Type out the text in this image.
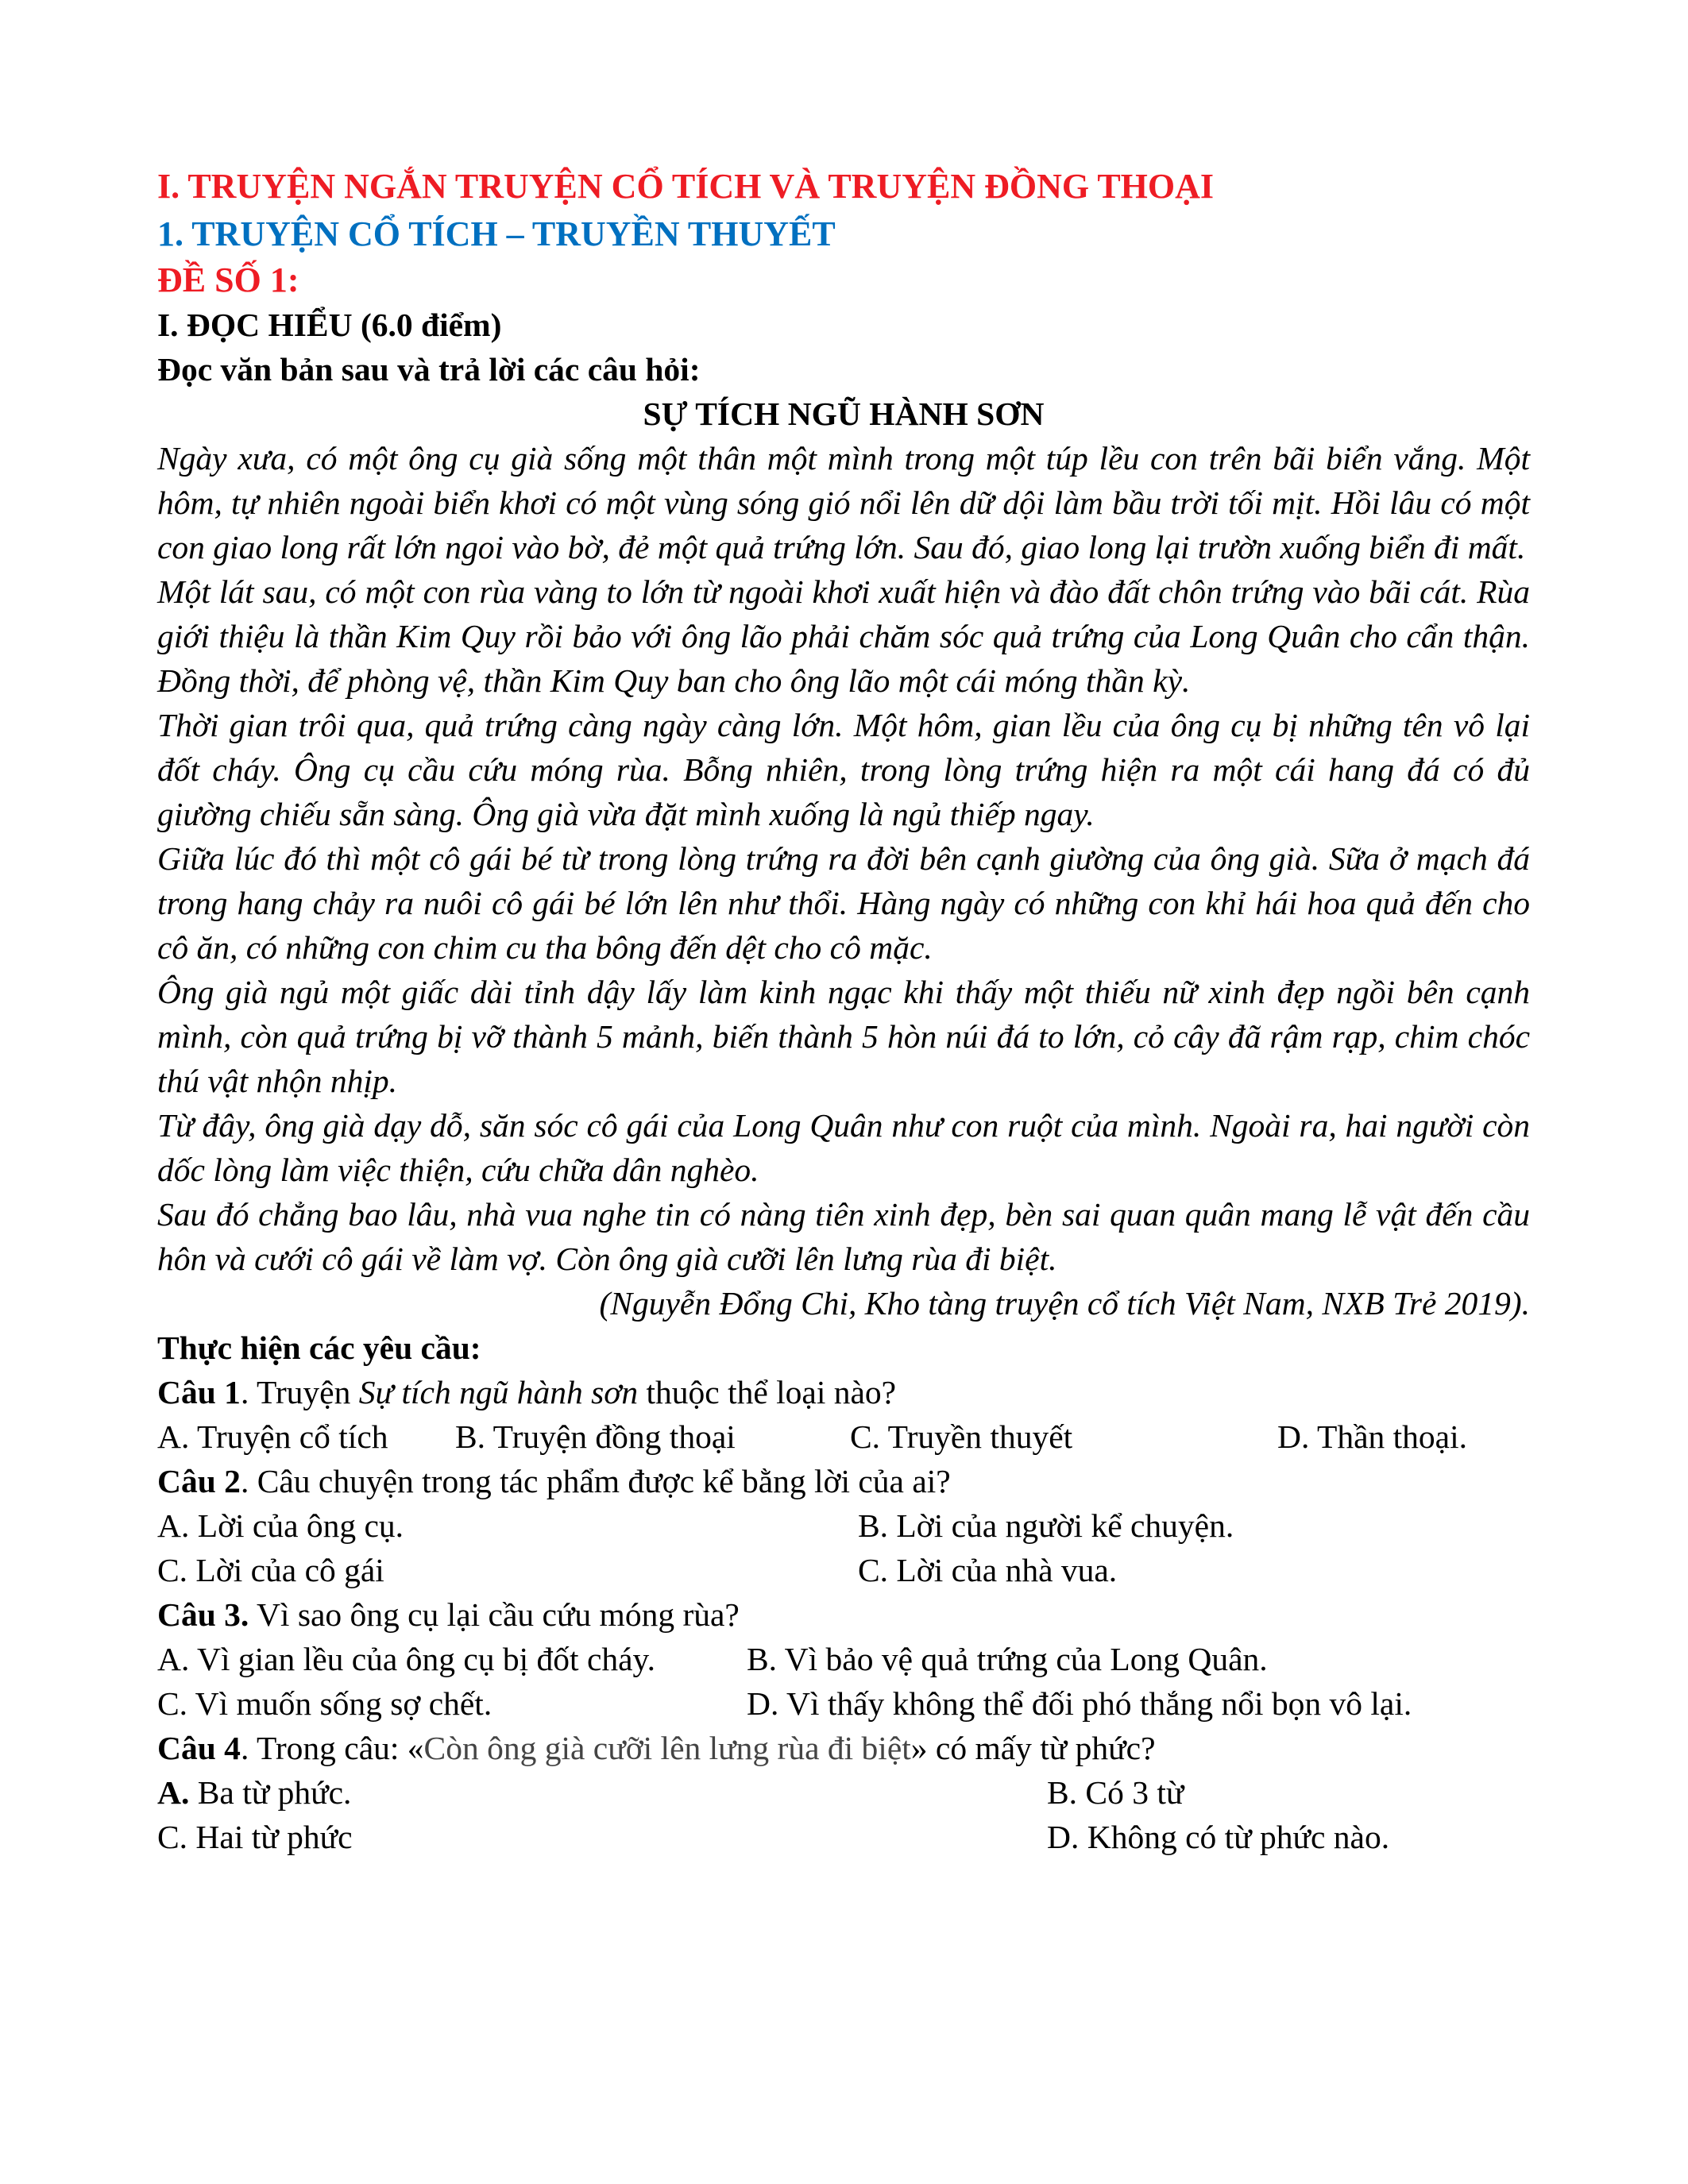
I. TRUYỆN NGẮN TRUYỆN CỔ TÍCH VÀ TRUYỆN ĐỒNG THOẠI
1. TRUYỆN CỔ TÍCH – TRUYỀN THUYẾT
ĐỀ SỐ 1:
I. ĐỌC HIỂU (6.0 điểm)
Đọc văn bản sau và trả lời các câu hỏi:
SỰ TÍCH NGŨ HÀNH SƠN

Ngày xưa, có một ông cụ già sống một thân một mình trong một túp lều con trên bãi biển vắng. Một hôm, tự nhiên ngoài biển khơi có một vùng sóng gió nổi lên dữ dội làm bầu trời tối mịt. Hồi lâu có một con giao long rất lớn ngoi vào bờ, đẻ một quả trứng lớn. Sau đó, giao long lại trườn xuống biển đi mất.

Một lát sau, có một con rùa vàng to lớn từ ngoài khơi xuất hiện và đào đất chôn trứng vào bãi cát. Rùa giới thiệu là thần Kim Quy rồi bảo với ông lão phải chăm sóc quả trứng của Long Quân cho cẩn thận. Đồng thời, để phòng vệ, thần Kim Quy ban cho ông lão một cái móng thần kỳ.

Thời gian trôi qua, quả trứng càng ngày càng lớn. Một hôm, gian lều của ông cụ bị những tên vô lại đốt cháy. Ông cụ cầu cứu móng rùa. Bỗng nhiên, trong lòng trứng hiện ra một cái hang đá có đủ giường chiếu sẵn sàng. Ông già vừa đặt mình xuống là ngủ thiếp ngay.

Giữa lúc đó thì một cô gái bé từ trong lòng trứng ra đời bên cạnh giường của ông già. Sữa ở mạch đá trong hang chảy ra nuôi cô gái bé lớn lên như thổi. Hàng ngày có những con khỉ hái hoa quả đến cho cô ăn, có những con chim cu tha bông đến dệt cho cô mặc.

Ông già ngủ một giấc dài tỉnh dậy lấy làm kinh ngạc khi thấy một thiếu nữ xinh đẹp ngồi bên cạnh mình, còn quả trứng bị vỡ thành 5 mảnh, biến thành 5 hòn núi đá to lớn, cỏ cây đã rậm rạp, chim chóc thú vật nhộn nhịp.

Từ đây, ông già dạy dỗ, săn sóc cô gái của Long Quân như con ruột của mình. Ngoài ra, hai người còn dốc lòng làm việc thiện, cứu chữa dân nghèo.

Sau đó chẳng bao lâu, nhà vua nghe tin có nàng tiên xinh đẹp, bèn sai quan quân mang lễ vật đến cầu hôn và cưới cô gái về làm vợ. Còn ông già cưỡi lên lưng rùa đi biệt.

(Nguyễn Đổng Chi, Kho tàng truyện cổ tích Việt Nam, NXB Trẻ 2019).
Thực hiện các yêu cầu:
Câu 1. Truyện Sự tích ngũ hành sơn thuộc thể loại nào?
A. Truyện cổ tích B. Truyện đồng thoại	C. Truyền thuyết	D. Thần thoại.
Câu 2. Câu chuyện trong tác phẩm được kể bằng lời của ai?
A. Lời của ông cụ.	B. Lời của người kể chuyện.
C. Lời của cô gái	C. Lời của nhà vua.
Câu 3. Vì sao ông cụ lại cầu cứu móng rùa?
A. Vì gian lều của ông cụ bị đốt cháy.	B. Vì bảo vệ quả trứng của Long Quân.
C. Vì muốn sống sợ chết.	D. Vì thấy không thể đối phó thắng nổi bọn vô lại.
Câu 4. Trong câu: «Còn ông già cưỡi lên lưng rùa đi biệt» có mấy từ phức?
A. Ba từ phức.	B. Có 3 từ
C. Hai từ phức	D. Không có từ phức nào.
